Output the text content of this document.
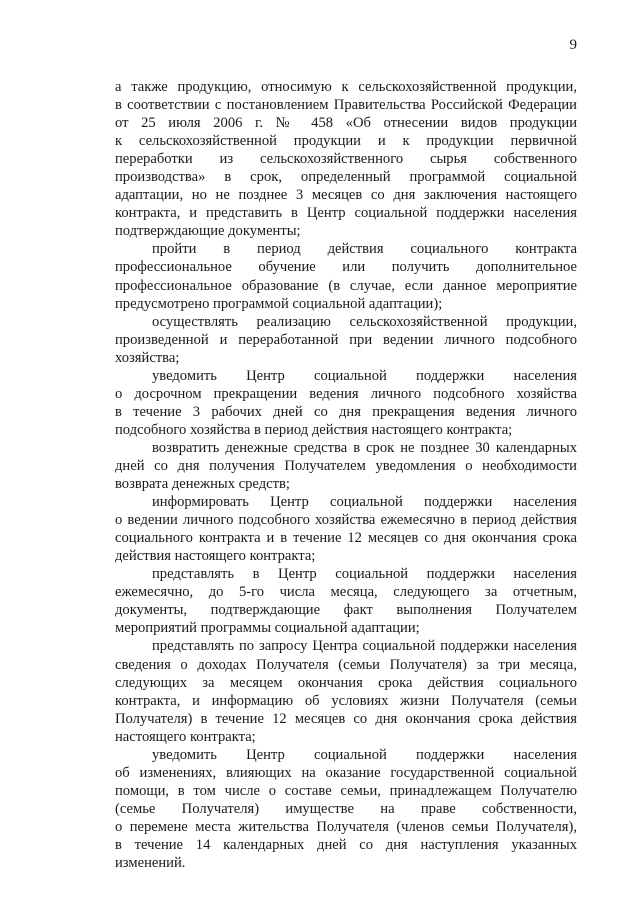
9
а также продукцию, относимую к сельскохозяйственной продукции,
в соответствии с постановлением Правительства Российской Федерации
от 25 июля 2006 г. № 458 «Об отнесении видов продукции
к сельскохозяйственной продукции и к продукции первичной
переработки из сельскохозяйственного сырья собственного
производства» в срок, определенный программой социальной
адаптации, но не позднее 3 месяцев со дня заключения настоящего
контракта, и представить в Центр социальной поддержки населения
подтверждающие документы;
пройти в период действия социального контракта
профессиональное обучение или получить дополнительное
профессиональное образование (в случае, если данное мероприятие
предусмотрено программой социальной адаптации);
осуществлять реализацию сельскохозяйственной продукции,
произведенной и переработанной при ведении личного подсобного
хозяйства;
уведомить Центр социальной поддержки населения
о досрочном прекращении ведения личного подсобного хозяйства
в течение 3 рабочих дней со дня прекращения ведения личного
подсобного хозяйства в период действия настоящего контракта;
возвратить денежные средства в срок не позднее 30 календарных
дней со дня получения Получателем уведомления о необходимости
возврата денежных средств;
информировать Центр социальной поддержки населения
о ведении личного подсобного хозяйства ежемесячно в период действия
социального контракта и в течение 12 месяцев со дня окончания срока
действия настоящего контракта;
представлять в Центр социальной поддержки населения
ежемесячно, до 5-го числа месяца, следующего за отчетным,
документы, подтверждающие факт выполнения Получателем
мероприятий программы социальной адаптации;
представлять по запросу Центра социальной поддержки населения
сведения о доходах Получателя (семьи Получателя) за три месяца,
следующих за месяцем окончания срока действия социального
контракта, и информацию об условиях жизни Получателя (семьи
Получателя) в течение 12 месяцев со дня окончания срока действия
настоящего контракта;
уведомить Центр социальной поддержки населения
об изменениях, влияющих на оказание государственной социальной
помощи, в том числе о составе семьи, принадлежащем Получателю
(семье Получателя) имуществе на праве собственности,
о перемене места жительства Получателя (членов семьи Получателя),
в течение 14 календарных дней со дня наступления указанных
изменений.
